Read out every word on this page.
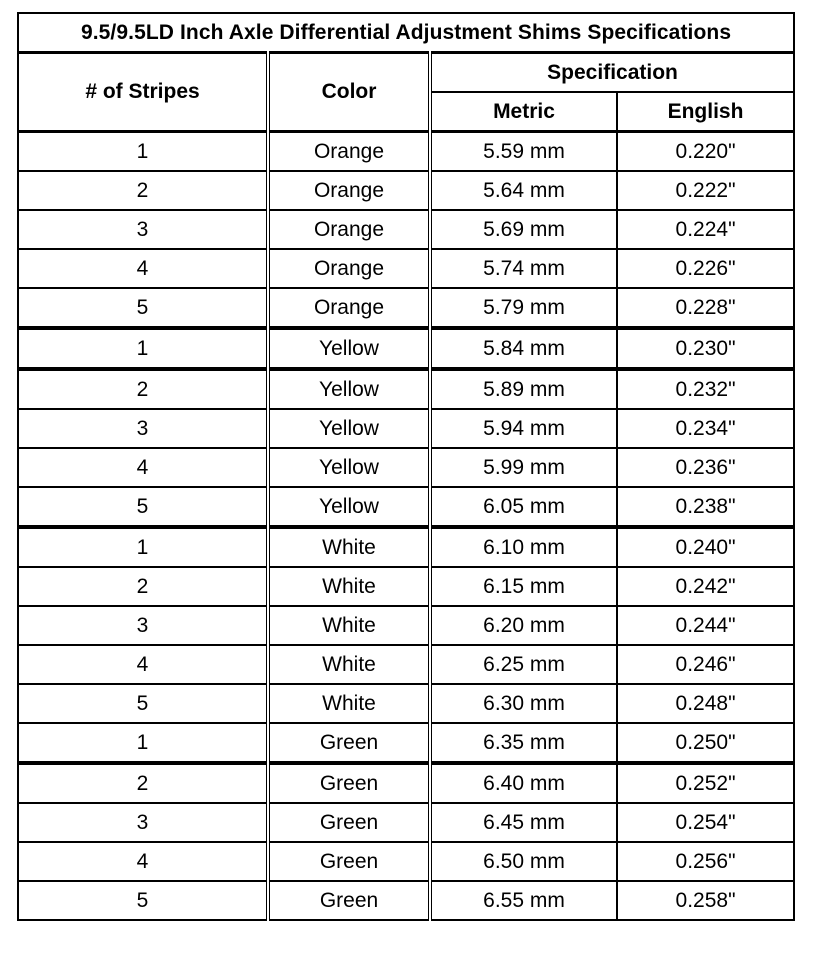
9.5/9.5LD Inch Axle Differential Adjustment Shims Specifications			
# of Stripes	Color	Specification	
		Metric	English
1	Orange	5.59 mm	0.220"
2	Orange	5.64 mm	0.222"
3	Orange	5.69 mm	0.224"
4	Orange	5.74 mm	0.226"
5	Orange	5.79 mm	0.228"
1	Yellow	5.84 mm	0.230"
2	Yellow	5.89 mm	0.232"
3	Yellow	5.94 mm	0.234"
4	Yellow	5.99 mm	0.236"
5	Yellow	6.05 mm	0.238"
1	White	6.10 mm	0.240"
2	White	6.15 mm	0.242"
3	White	6.20 mm	0.244"
4	White	6.25 mm	0.246"
5	White	6.30 mm	0.248"
1	Green	6.35 mm	0.250"
2	Green	6.40 mm	0.252"
3	Green	6.45 mm	0.254"
4	Green	6.50 mm	0.256"
5	Green	6.55 mm	0.258"
